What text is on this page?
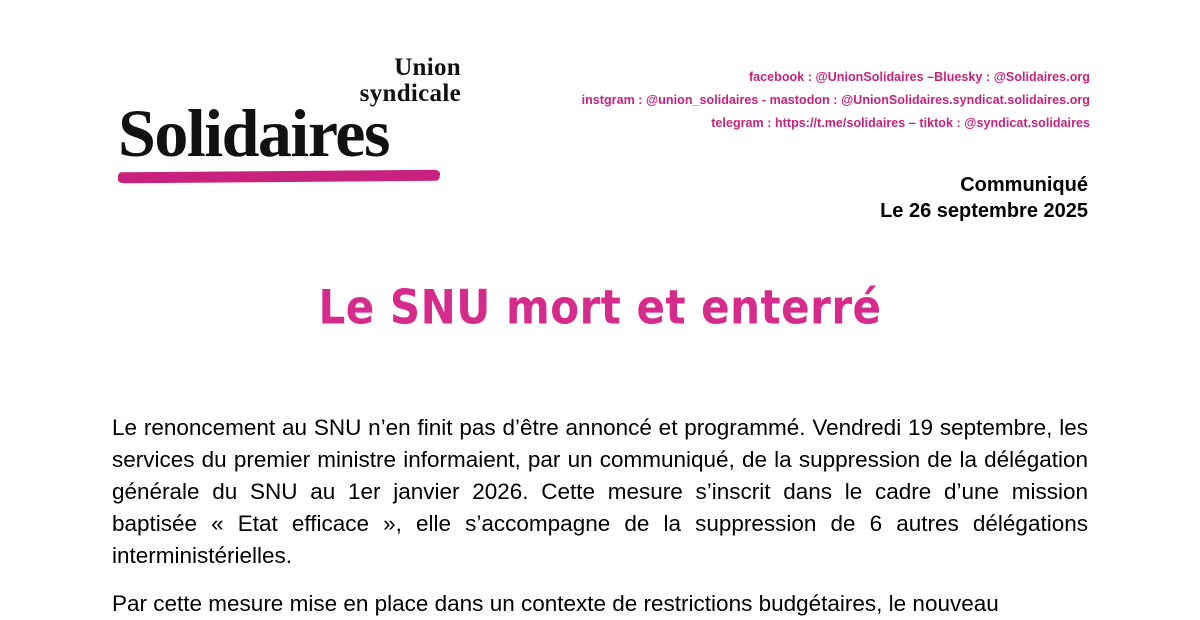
Union
syndicale
Solidaires
facebook : @UnionSolidaires –Bluesky : @Solidaires.org
instgram : @union_solidaires - mastodon : @UnionSolidaires.syndicat.solidaires.org
telegram : https://t.me/solidaires – tiktok : @syndicat.solidaires
Communiqué
Le 26 septembre 2025
Le SNU mort et enterré

Le renoncement au SNU n’en finit pas d’être annoncé et programmé. Vendredi 19 septembre, les services du premier ministre informaient, par un communiqué, de la suppression de la délégation générale du SNU au 1er janvier 2026. Cette mesure s’inscrit dans le cadre d’une mission baptisée « Etat efficace », elle s’accompagne de la suppression de 6 autres délégations interministérielles.

Par cette mesure mise en place dans un contexte de restrictions budgétaires, le nouveau
